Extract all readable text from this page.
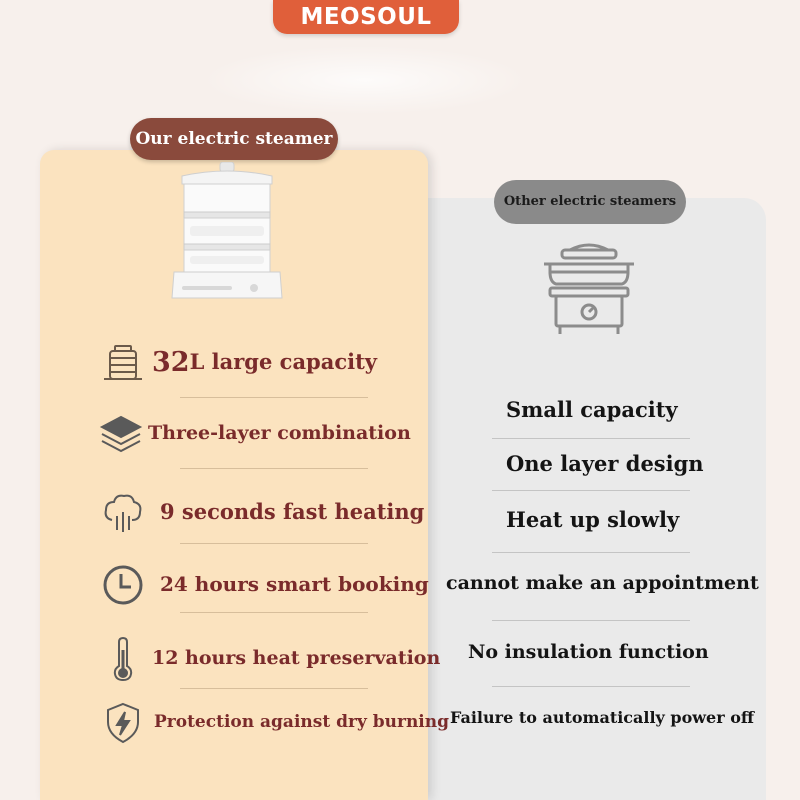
MEOSOUL
Our electric steamer
Other electric steamers
32L large capacity
Three-layer combination
9 seconds fast heating
24 hours smart booking
12 hours heat preservation
Protection against dry burning
Small capacity
One layer design
Heat up slowly
cannot make an appointment
No insulation function
Failure to automatically power off
